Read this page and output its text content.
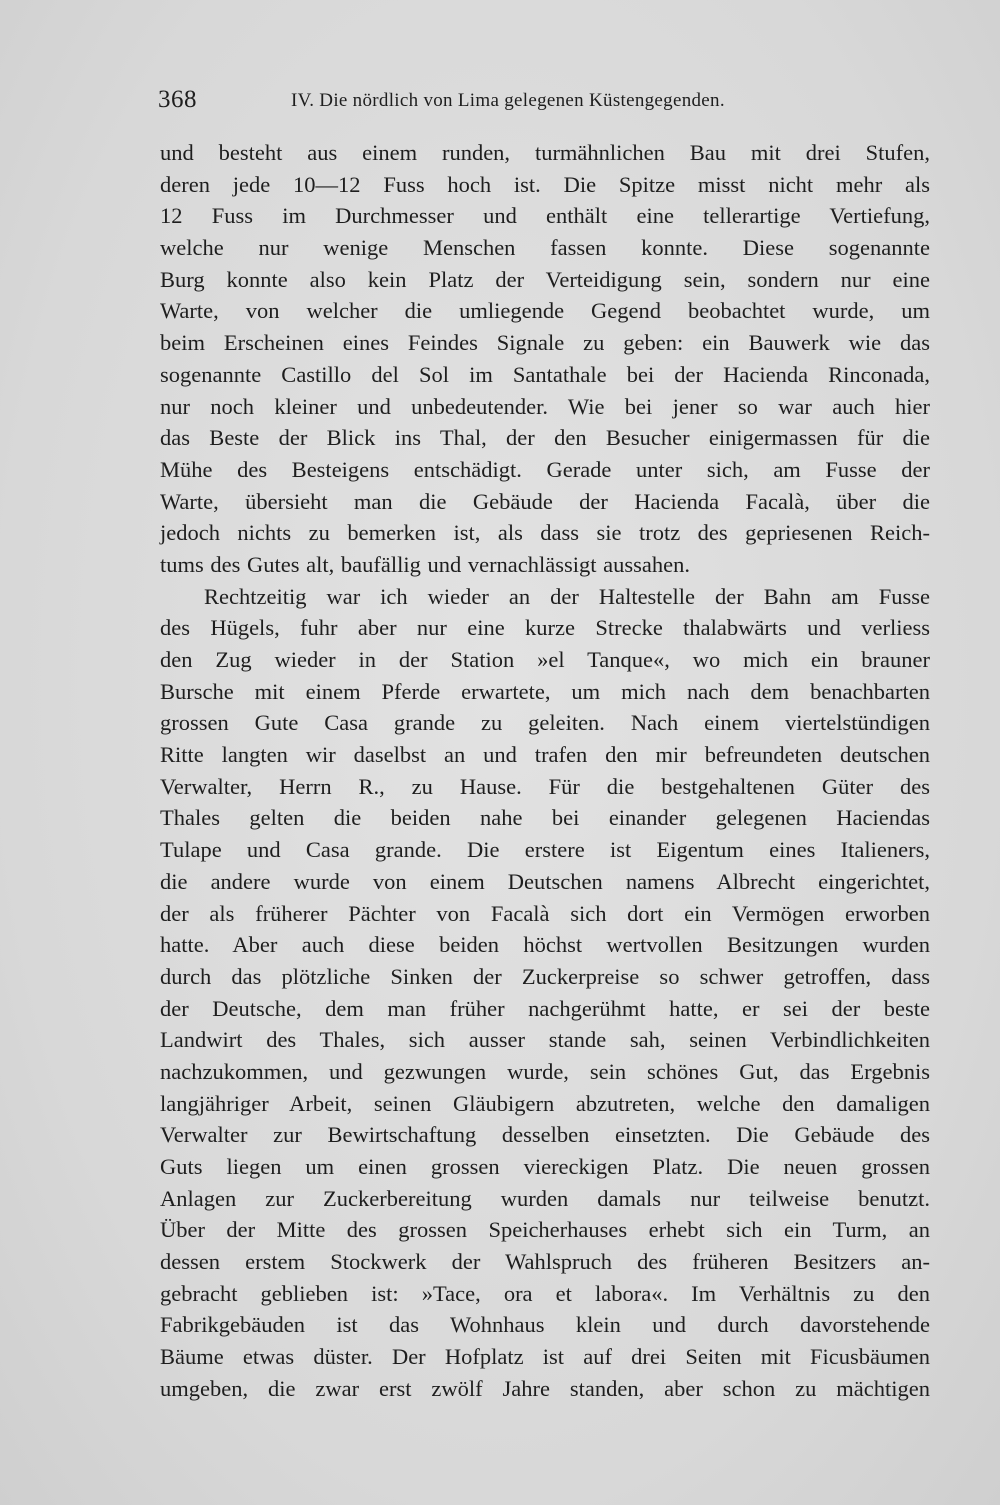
368	IV. Die nördlich von Lima gelegenen Küstengegenden.
und besteht aus einem runden, turmähnlichen Bau mit drei Stufen,
deren jede 10—12 Fuss hoch ist. Die Spitze misst nicht mehr als
12 Fuss im Durchmesser und enthält eine tellerartige Vertiefung,
welche nur wenige Menschen fassen konnte. Diese sogenannte
Burg konnte also kein Platz der Verteidigung sein, sondern nur eine
Warte, von welcher die umliegende Gegend beobachtet wurde, um
beim Erscheinen eines Feindes Signale zu geben: ein Bauwerk wie das
sogenannte Castillo del Sol im Santathale bei der Hacienda Rinconada,
nur noch kleiner und unbedeutender. Wie bei jener so war auch hier
das Beste der Blick ins Thal, der den Besucher einigermassen für die
Mühe des Besteigens entschädigt. Gerade unter sich, am Fusse der
Warte, übersieht man die Gebäude der Hacienda Facalà, über die
jedoch nichts zu bemerken ist, als dass sie trotz des gepriesenen Reich-
tums des Gutes alt, baufällig und vernachlässigt aussahen.
Rechtzeitig war ich wieder an der Haltestelle der Bahn am Fusse
des Hügels, fuhr aber nur eine kurze Strecke thalabwärts und verliess
den Zug wieder in der Station »el Tanque«, wo mich ein brauner
Bursche mit einem Pferde erwartete, um mich nach dem benachbarten
grossen Gute Casa grande zu geleiten. Nach einem viertelstündigen
Ritte langten wir daselbst an und trafen den mir befreundeten deutschen
Verwalter, Herrn R., zu Hause. Für die bestgehaltenen Güter des
Thales gelten die beiden nahe bei einander gelegenen Haciendas
Tulape und Casa grande. Die erstere ist Eigentum eines Italieners,
die andere wurde von einem Deutschen namens Albrecht eingerichtet,
der als früherer Pächter von Facalà sich dort ein Vermögen erworben
hatte. Aber auch diese beiden höchst wertvollen Besitzungen wurden
durch das plötzliche Sinken der Zuckerpreise so schwer getroffen, dass
der Deutsche, dem man früher nachgerühmt hatte, er sei der beste
Landwirt des Thales, sich ausser stande sah, seinen Verbindlichkeiten
nachzukommen, und gezwungen wurde, sein schönes Gut, das Ergebnis
langjähriger Arbeit, seinen Gläubigern abzutreten, welche den damaligen
Verwalter zur Bewirtschaftung desselben einsetzten. Die Gebäude des
Guts liegen um einen grossen viereckigen Platz. Die neuen grossen
Anlagen zur Zuckerbereitung wurden damals nur teilweise benutzt.
Über der Mitte des grossen Speicherhauses erhebt sich ein Turm, an
dessen erstem Stockwerk der Wahlspruch des früheren Besitzers an-
gebracht geblieben ist: »Tace, ora et labora«. Im Verhältnis zu den
Fabrikgebäuden ist das Wohnhaus klein und durch davorstehende
Bäume etwas düster. Der Hofplatz ist auf drei Seiten mit Ficusbäumen
umgeben, die zwar erst zwölf Jahre standen, aber schon zu mächtigen
